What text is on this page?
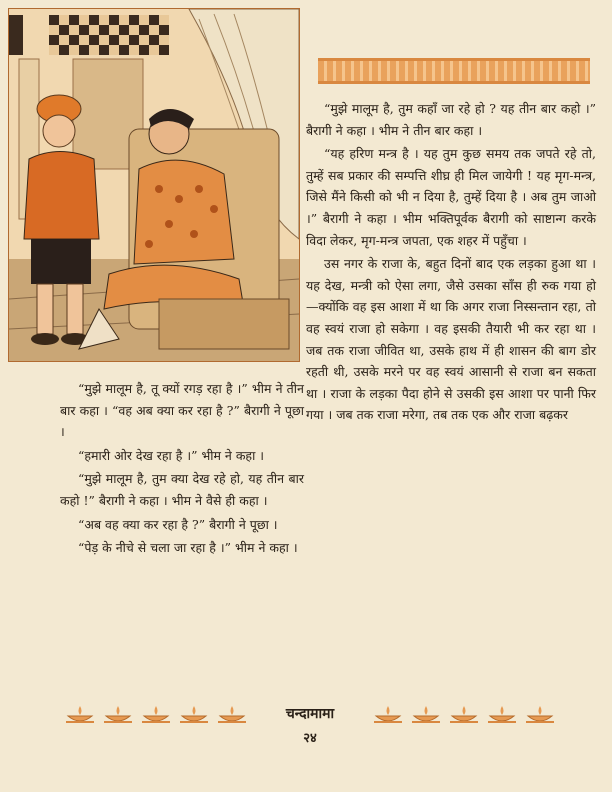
“मुझे मालूम है, तुम कहाँ जा रहे हो ? यह तीन बार कहो ।” बैरागी ने कहा । भीम ने तीन बार कहा ।

“यह हरिण मन्त्र है । यह तुम कुछ समय तक जपते रहे तो, तुम्हें सब प्रकार की सम्पत्ति शीघ्र ही मिल जायेगी ! यह मृग-मन्त्र, जिसे मैंने किसी को भी न दिया है, तुम्हें दिया है । अब तुम जाओ ।” बैरागी ने कहा । भीम भक्तिपूर्वक बैरागी को साष्टान्ग करके विदा लेकर, मृग-मन्त्र जपता, एक शहर में पहुँचा ।

उस नगर के राजा के, बहुत दिनों बाद एक लड़का हुआ था । यह देख, मन्त्री को ऐसा लगा, जैसे उसका साँस ही रुक गया हो—क्योंकि वह इस आशा में था कि अगर राजा निस्सन्तान रहा, तो वह स्वयं राजा हो सकेगा । वह इसकी तैयारी भी कर रहा था । जब तक राजा जीवित था, उसके हाथ में ही शासन की बाग डोर रहती थी, उसके मरने पर वह स्वयं आसानी से राजा बन सकता था । राजा के लड़का पैदा होने से उसकी इस आशा पर पानी फिर गया । जब तक राजा मरेगा, तब तक एक और राजा बढ़कर

“मुझे मालूम है, तू क्यों रगड़ रहा है ।” भीम ने तीन बार कहा । “वह अब क्या कर रहा है ?” बैरागी ने पूछा ।

“हमारी ओर देख रहा है ।” भीम ने कहा ।

“मुझे मालूम है, तुम क्या देख रहे हो, यह तीन बार कहो !” बैरागी ने कहा । भीम ने वैसे ही कहा ।

“अब वह क्या कर रहा है ?” बैरागी ने पूछा ।

“पेड़ के नीचे से चला जा रहा है ।” भीम ने कहा ।

चन्दामामा
२४
